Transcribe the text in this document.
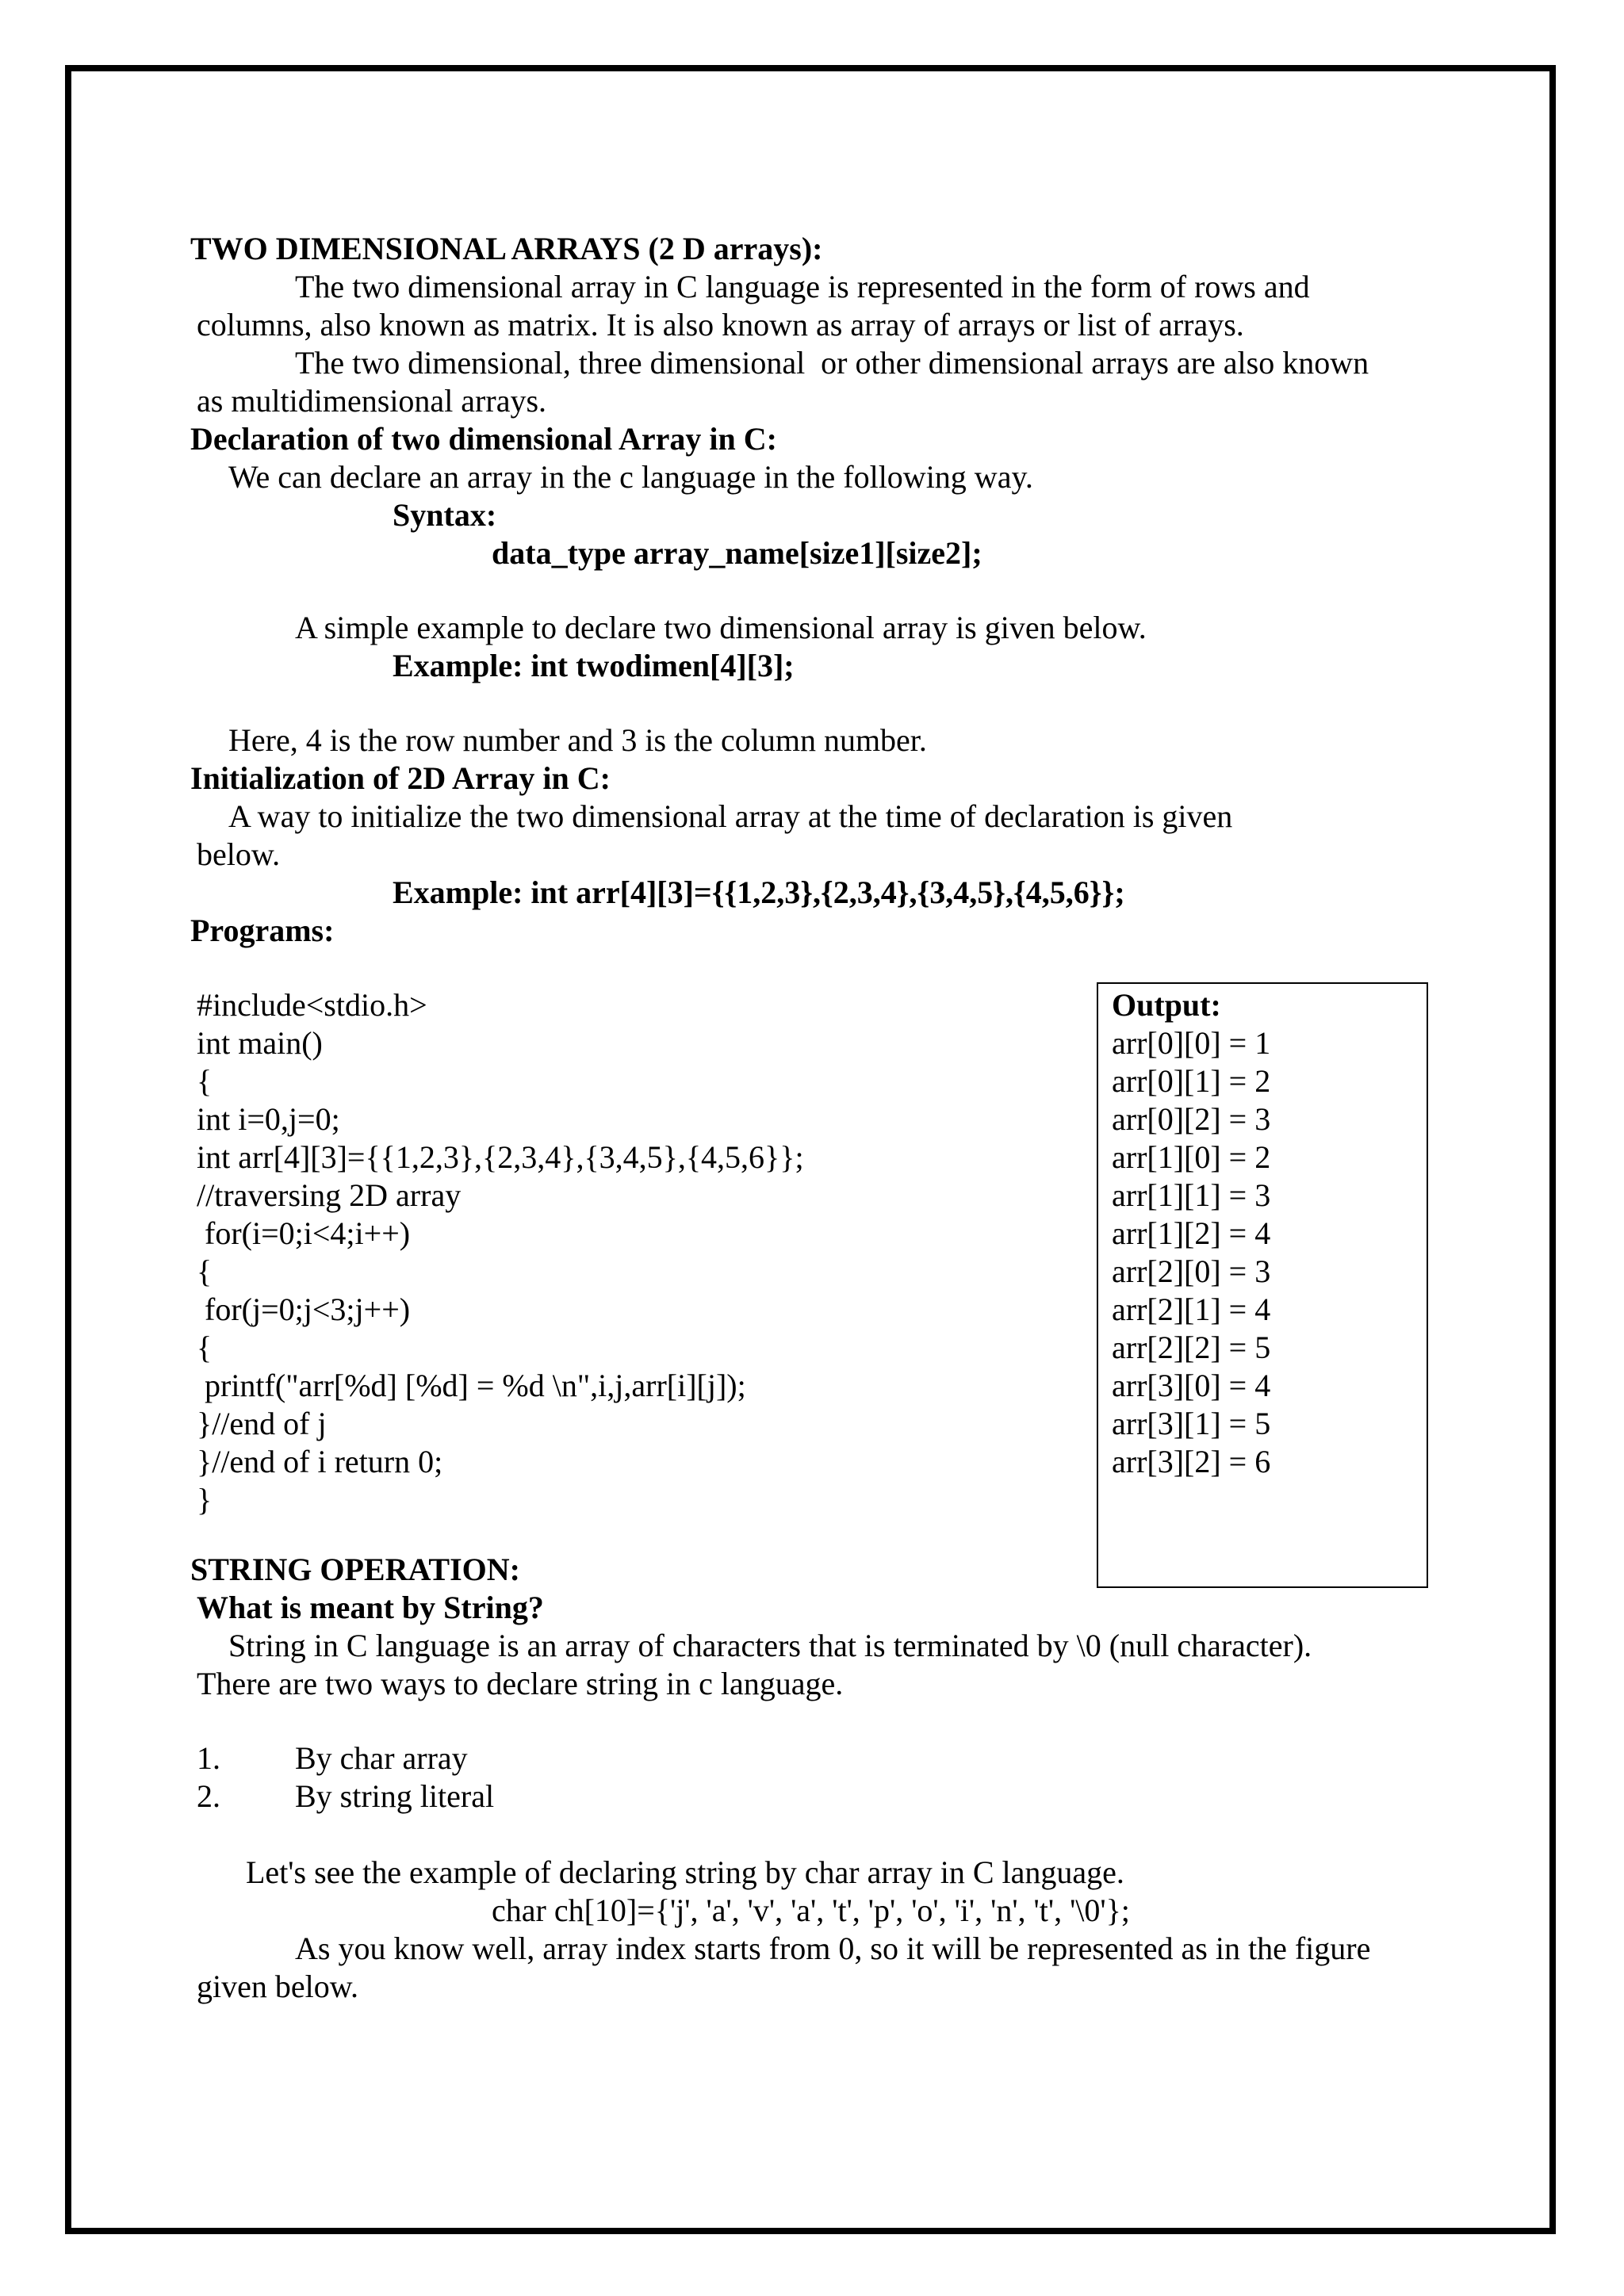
TWO DIMENSIONAL ARRAYS (2 D arrays):
The two dimensional array in C language is represented in the form of rows and
columns, also known as matrix. It is also known as array of arrays or list of arrays.
The two dimensional, three dimensional  or other dimensional arrays are also known
as multidimensional arrays.
Declaration of two dimensional Array in C:
We can declare an array in the c language in the following way.
Syntax:
data_type array_name[size1][size2];
A simple example to declare two dimensional array is given below.
Example: int twodimen[4][3];
Here, 4 is the row number and 3 is the column number.
Initialization of 2D Array in C:
A way to initialize the two dimensional array at the time of declaration is given
below.
Example: int arr[4][3]={{1,2,3},{2,3,4},{3,4,5},{4,5,6}};
Programs:
#include<stdio.h>
int main()
{
int i=0,j=0;
int arr[4][3]={{1,2,3},{2,3,4},{3,4,5},{4,5,6}};
//traversing 2D array
for(i=0;i<4;i++)
{
for(j=0;j<3;j++)
{
printf("arr[%d] [%d] = %d \n",i,j,arr[i][j]);
}//end of j
}//end of i return 0;
}
Output:
arr[0][0] = 1
arr[0][1] = 2
arr[0][2] = 3
arr[1][0] = 2
arr[1][1] = 3
arr[1][2] = 4
arr[2][0] = 3
arr[2][1] = 4
arr[2][2] = 5
arr[3][0] = 4
arr[3][1] = 5
arr[3][2] = 6
STRING OPERATION:
What is meant by String?
String in C language is an array of characters that is terminated by \0 (null character).
There are two ways to declare string in c language.
1. By char array
2. By string literal
Let's see the example of declaring string by char array in C language.
char ch[10]={'j', 'a', 'v', 'a', 't', 'p', 'o', 'i', 'n', 't', '\0'};
As you know well, array index starts from 0, so it will be represented as in the figure
given below.
